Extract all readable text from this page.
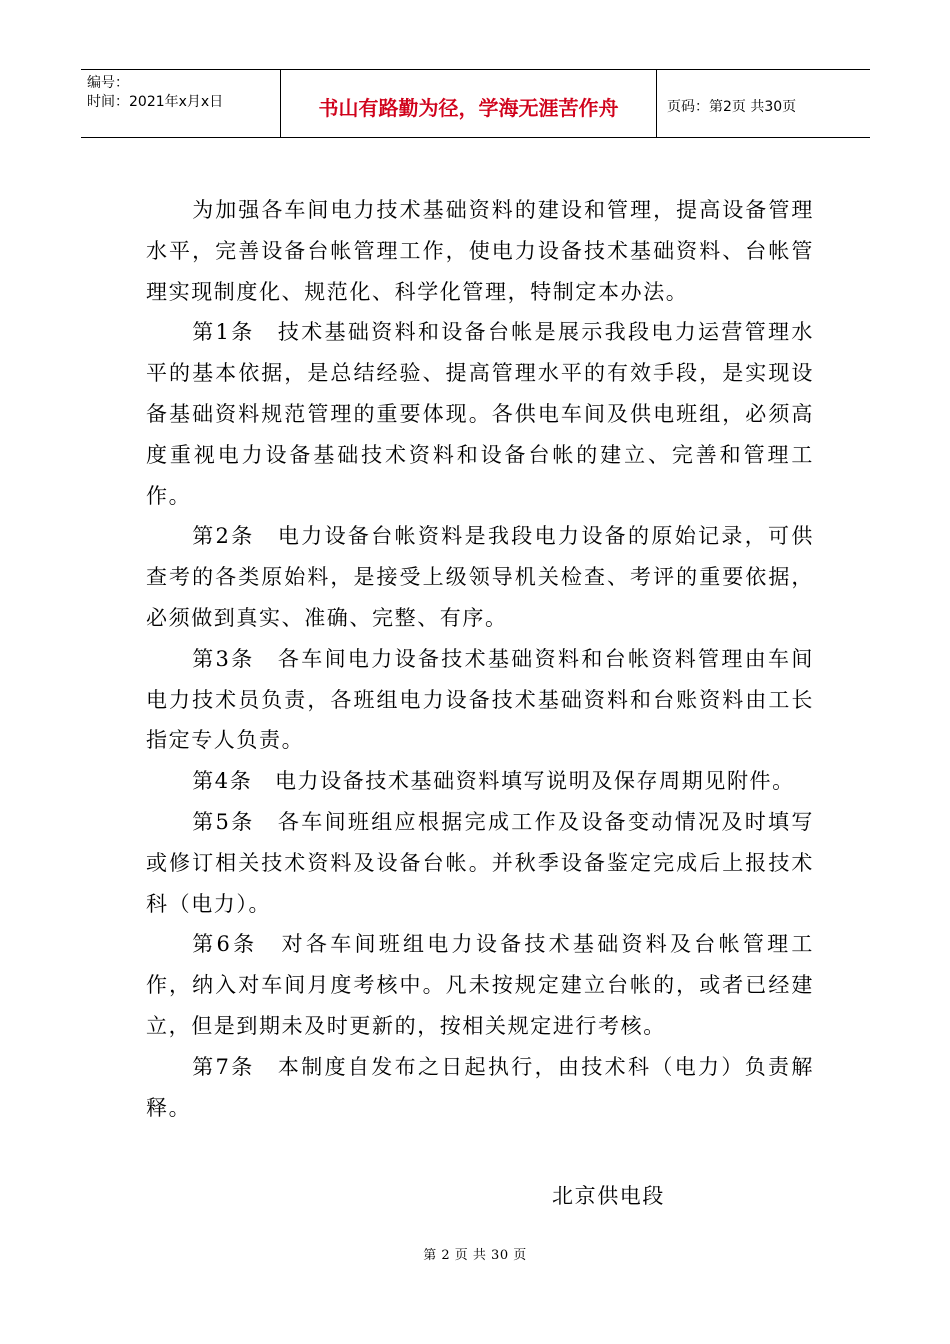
编号：
时间：2021年x月x日	书山有路勤为径，学海无涯苦作舟	页码：第2页 共30页

为加强各车间电力技术基础资料的建设和管理，提高设备管理水平，完善设备台帐管理工作，使电力设备技术基础资料、台帐管理实现制度化、规范化、科学化管理，特制定本办法。

第1条　技术基础资料和设备台帐是展示我段电力运营管理水平的基本依据，是总结经验、提高管理水平的有效手段，是实现设备基础资料规范管理的重要体现。各供电车间及供电班组，必须高度重视电力设备基础技术资料和设备台帐的建立、完善和管理工作。

第2条　电力设备台帐资料是我段电力设备的原始记录，可供查考的各类原始料，是接受上级领导机关检查、考评的重要依据，必须做到真实、准确、完整、有序。

第3条　各车间电力设备技术基础资料和台帐资料管理由车间电力技术员负责，各班组电力设备技术基础资料和台账资料由工长指定专人负责。

第4条　电力设备技术基础资料填写说明及保存周期见附件。

第5条　各车间班组应根据完成工作及设备变动情况及时填写或修订相关技术资料及设备台帐。并秋季设备鉴定完成后上报技术科（电力）。

第6条　对各车间班组电力设备技术基础资料及台帐管理工作，纳入对车间月度考核中。凡未按规定建立台帐的，或者已经建立，但是到期未及时更新的，按相关规定进行考核。

第7条　本制度自发布之日起执行，由技术科（电力）负责解释。

北京供电段
第 2 页 共 30 页
